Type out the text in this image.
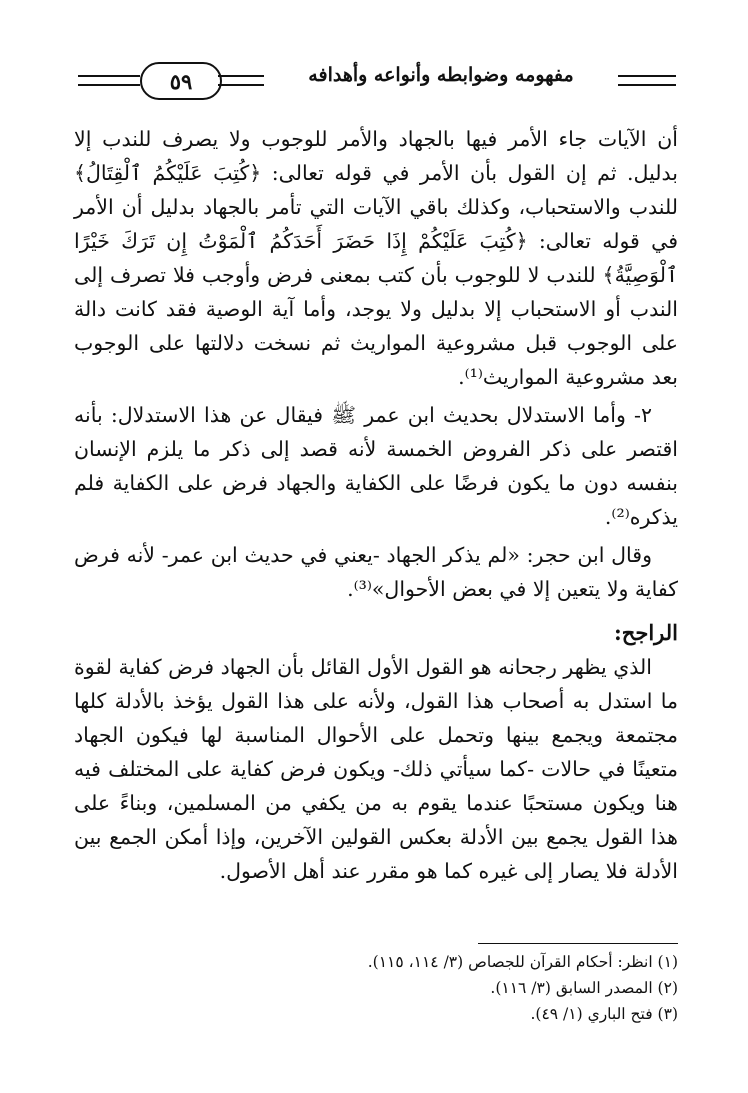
٥٩	مفهومه وضوابطه وأنواعه وأهدافه

أن الآيات جاء الأمر فيها بالجهاد والأمر للوجوب ولا يصرف للندب إلا بدليل. ثم إن القول بأن الأمر في قوله تعالى: ﴿كُتِبَ عَلَيْكُمُ ٱلْقِتَالُ﴾ للندب والاستحباب، وكذلك باقي الآيات التي تأمر بالجهاد بدليل أن الأمر في قوله تعالى: ﴿كُتِبَ عَلَيْكُمْ إِذَا حَضَرَ أَحَدَكُمُ ٱلْمَوْتُ إِن تَرَكَ خَيْرًا ٱلْوَصِيَّةُ﴾ للندب لا للوجوب بأن كتب بمعنى فرض وأوجب فلا تصرف إلى الندب أو الاستحباب إلا بدليل ولا يوجد، وأما آية الوصية فقد كانت دالة على الوجوب قبل مشروعية المواريث ثم نسخت دلالتها على الوجوب بعد مشروعية المواريث⁽¹⁾.

٢- وأما الاستدلال بحديث ابن عمر ﷺ فيقال عن هذا الاستدلال: بأنه اقتصر على ذكر الفروض الخمسة لأنه قصد إلى ذكر ما يلزم الإنسان بنفسه دون ما يكون فرضًا على الكفاية والجهاد فرض على الكفاية فلم يذكره⁽²⁾.

وقال ابن حجر: «لم يذكر الجهاد -يعني في حديث ابن عمر- لأنه فرض كفاية ولا يتعين إلا في بعض الأحوال»⁽³⁾.

الراجح:

الذي يظهر رجحانه هو القول الأول القائل بأن الجهاد فرض كفاية لقوة ما استدل به أصحاب هذا القول، ولأنه على هذا القول يؤخذ بالأدلة كلها مجتمعة ويجمع بينها وتحمل على الأحوال المناسبة لها فيكون الجهاد متعينًا في حالات -كما سيأتي ذلك- ويكون فرض كفاية على المختلف فيه هنا ويكون مستحبًا عندما يقوم به من يكفي من المسلمين، وبناءً على هذا القول يجمع بين الأدلة بعكس القولين الآخرين، وإذا أمكن الجمع بين الأدلة فلا يصار إلى غيره كما هو مقرر عند أهل الأصول.

(١) انظر: أحكام القرآن للجصاص (٣/ ١١٤، ١١٥).

(٢) المصدر السابق (٣/ ١١٦).

(٣) فتح الباري (١/ ٤٩).
